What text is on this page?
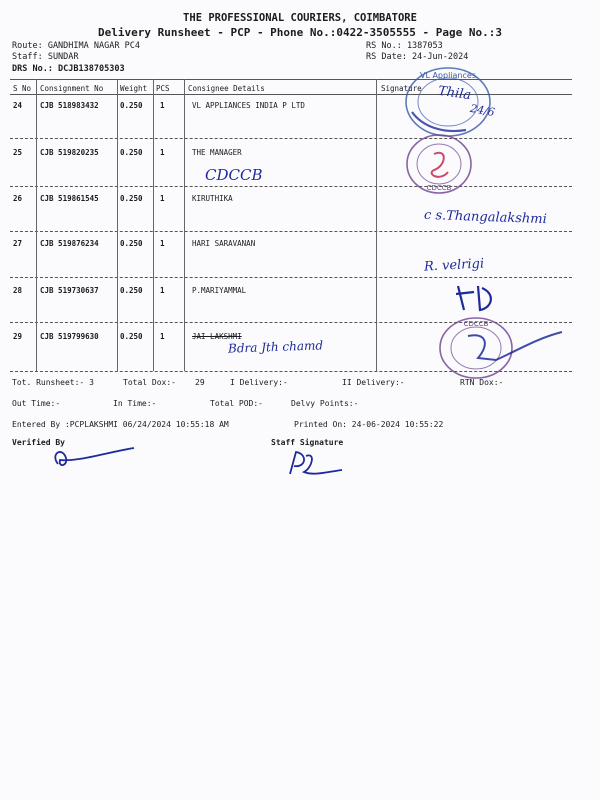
THE PROFESSIONAL COURIERS, COIMBATORE
Delivery Runsheet - PCP - Phone No.:0422-3505555 - Page No.:3
Route: GANDHIMA NAGAR PC4
Staff: SUNDAR
DRS No.: DCJB138705303
RS No.: 1387053
RS Date: 24-Jun-2024
S No Consignment No Weight PCS Consignee Details	Signature
24 CJB 518983432	0.250 1	VL APPLIANCES INDIA P LTD
25 CJB 519820235	0.250 1	THE MANAGER
26 CJB 519861545	0.250 1	KIRUTHIKA
27 CJB 519876234	0.250 1	HARI SARAVANAN
28 CJB 519730637	0.250 1	P.MARIYAMMAL
29 CJB 519799630	0.250 1	JAI LAKSHMI
CDCCB
c s.Thangalakshmi
R. velrigi
Bdra Jth chamd
Thila
24/6
VL Appliances
CDCCB
CDCCB
Tot. Runsheet:- 3	Total Dox:- 29	I Delivery:-	II Delivery:-	RTN Dox:-
Out Time:-	In Time:-	Total POD:-	Delvy Points:-
Entered By :PCPLAKSHMI 06/24/2024 10:55:18 AM	Printed On: 24-06-2024 10:55:22
Verified By	Staff Signature
